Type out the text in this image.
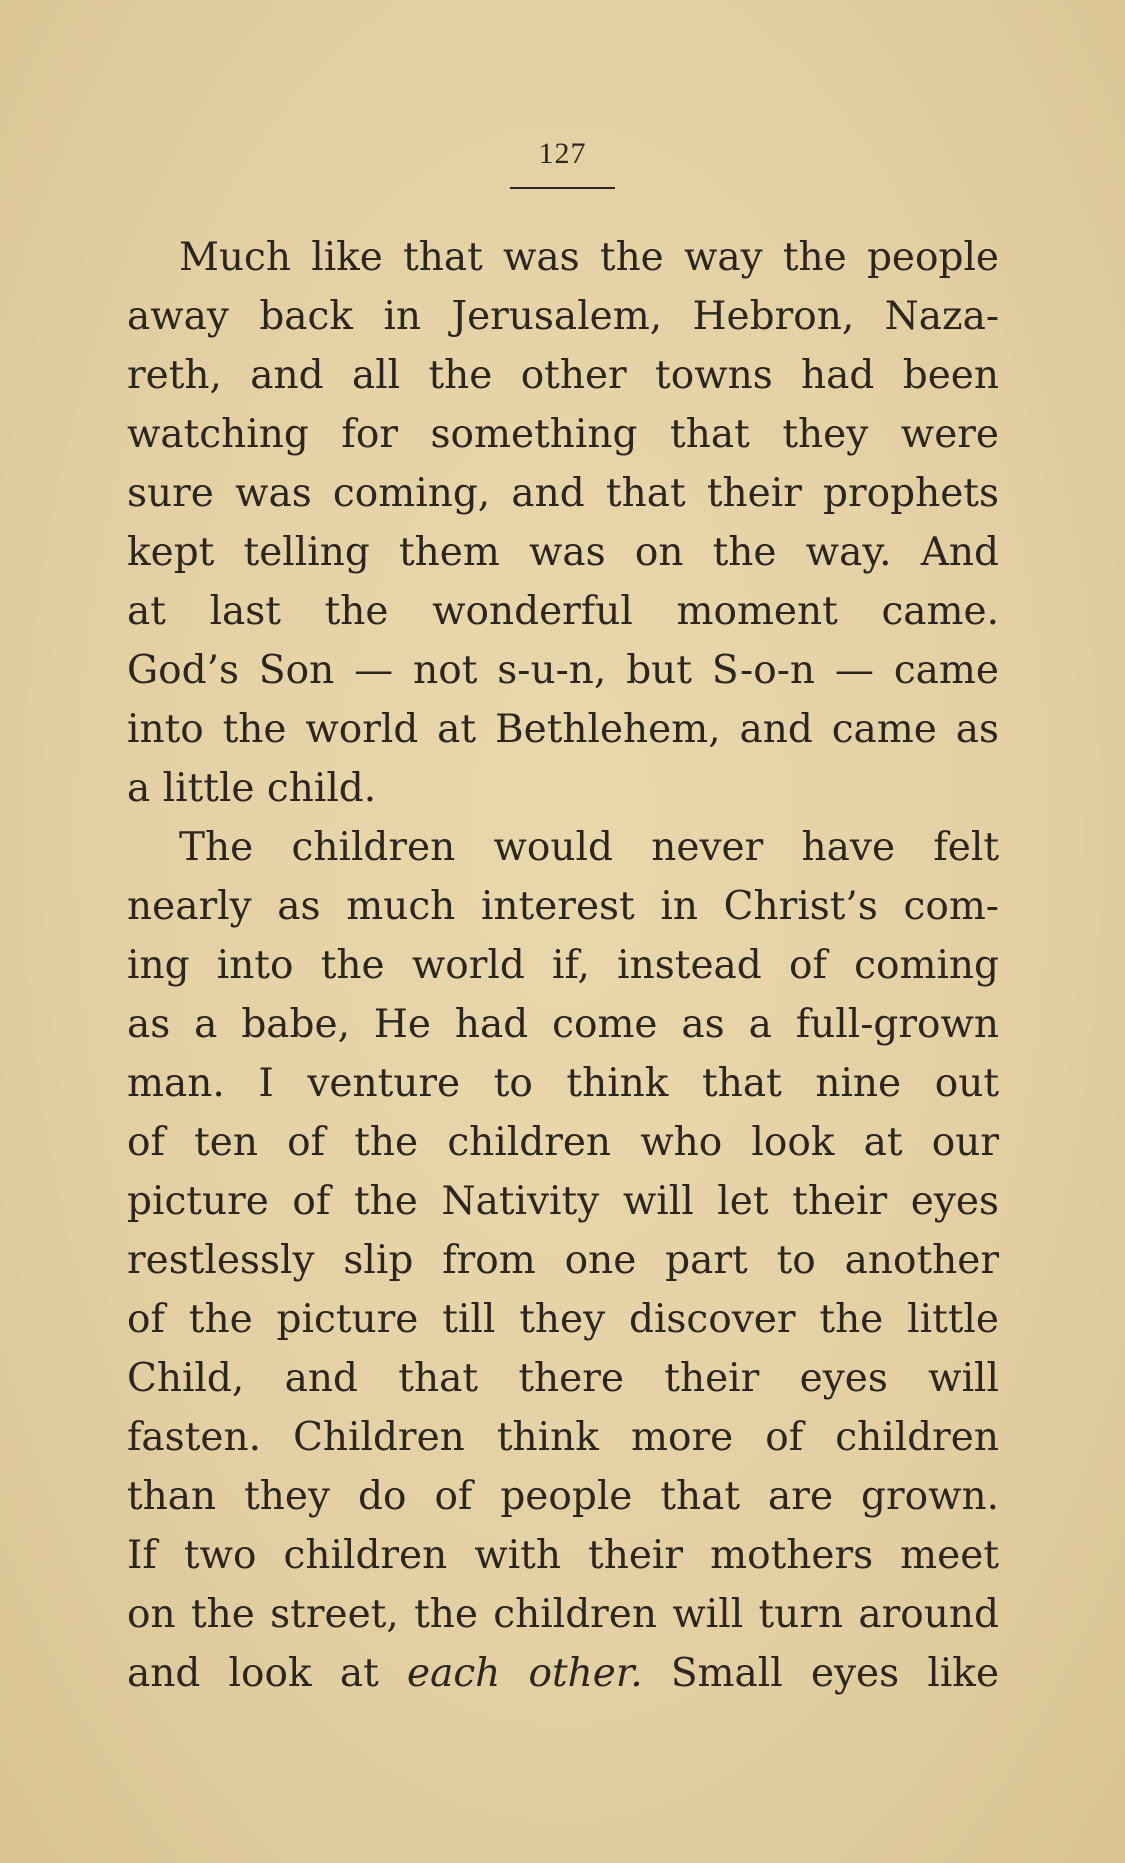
127
Much like that was the way the people
away back in Jerusalem, Hebron, Naza-
reth, and all the other towns had been
watching for something that they were
sure was coming, and that their prophets
kept telling them was on the way. And
at last the wonderful moment came.
God’s Son — not s-u-n, but S-o-n — came
into the world at Bethlehem, and came as
a little child.
The children would never have felt
nearly as much interest in Christ’s com-
ing into the world if, instead of coming
as a babe, He had come as a full-grown
man. I venture to think that nine out
of ten of the children who look at our
picture of the Nativity will let their eyes
restlessly slip from one part to another
of the picture till they discover the little
Child, and that there their eyes will
fasten. Children think more of children
than they do of people that are grown.
If two children with their mothers meet
on the street, the children will turn around
and look at each other. Small eyes like
